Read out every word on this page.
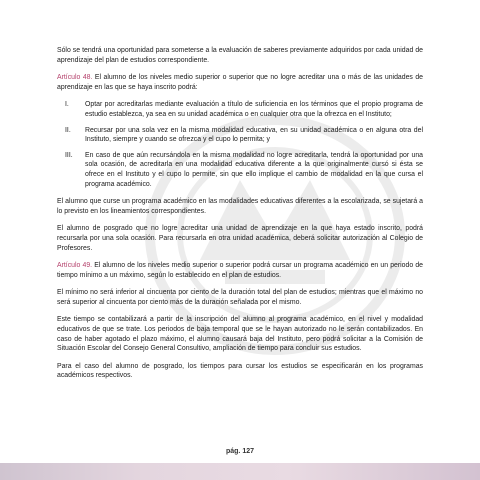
Sólo se tendrá una oportunidad para someterse a la evaluación de saberes previamente adquiridos por cada unidad de aprendizaje del plan de estudios correspondiente.

Artículo 48. El alumno de los niveles medio superior o superior que no logre acreditar una o más de las unidades de aprendizaje en las que se haya inscrito podrá:

I.	Optar por acreditarlas mediante evaluación a título de suficiencia en los términos que el propio programa de estudio establezca, ya sea en su unidad académica o en cualquier otra que la ofrezca en el Instituto;
II.	Recursar por una sola vez en la misma modalidad educativa, en su unidad académica o en alguna otra del Instituto, siempre y cuando se ofrezca y el cupo lo permita; y
III.	En caso de que aún recursándola en la misma modalidad no logre acreditarla, tendrá la oportunidad por una sola ocasión, de acreditarla en una modalidad educativa diferente a la que originalmente cursó si ésta se ofrece en el Instituto y el cupo lo permite, sin que ello implique el cambio de modalidad en la que cursa el programa académico.

El alumno que curse un programa académico en las modalidades educativas diferentes a la escolarizada, se sujetará a lo previsto en los lineamientos correspondientes.

El alumno de posgrado que no logre acreditar una unidad de aprendizaje en la que haya estado inscrito, podrá recursarla por una sola ocasión. Para recursarla en otra unidad académica, deberá solicitar autorización al Colegio de Profesores.

Artículo 49. El alumno de los niveles medio superior o superior podrá cursar un programa académico en un periodo de tiempo mínimo a un máximo, según lo establecido en el plan de estudios.

El mínimo no será inferior al cincuenta por ciento de la duración total del plan de estudios; mientras que el máximo no será superior al cincuenta por ciento más de la duración señalada por el mismo.

Este tiempo se contabilizará a partir de la inscripción del alumno al programa académico, en el nivel y modalidad educativos de que se trate. Los periodos de baja temporal que se le hayan autorizado no le serán contabilizados. En caso de haber agotado el plazo máximo, el alumno causará baja del Instituto, pero podrá solicitar a la Comisión de Situación Escolar del Consejo General Consultivo, ampliación de tiempo para concluir sus estudios.

Para el caso del alumno de posgrado, los tiempos para cursar los estudios se especificarán en los programas académicos respectivos.

pág. 127
